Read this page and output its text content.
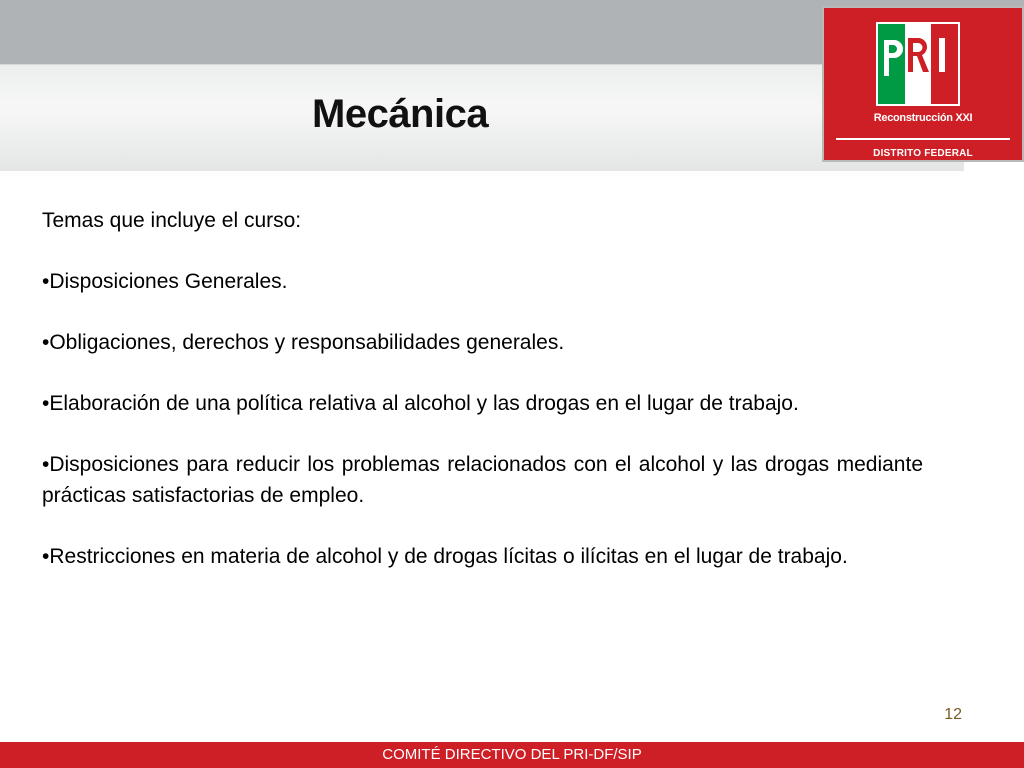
Mecánica	Reconstrucción XXI
DISTRITO FEDERAL

Temas que incluye el curso:

•Disposiciones Generales.

•Obligaciones, derechos y responsabilidades generales.

•Elaboración de una política relativa al alcohol y las drogas en el lugar de trabajo.

•Disposiciones para reducir los problemas relacionados con el alcohol y las drogas mediante prácticas satisfactorias de empleo.

•Restricciones en materia de alcohol y de drogas lícitas o ilícitas en el lugar de trabajo.

12
COMITÉ DIRECTIVO DEL PRI-DF/SIP
